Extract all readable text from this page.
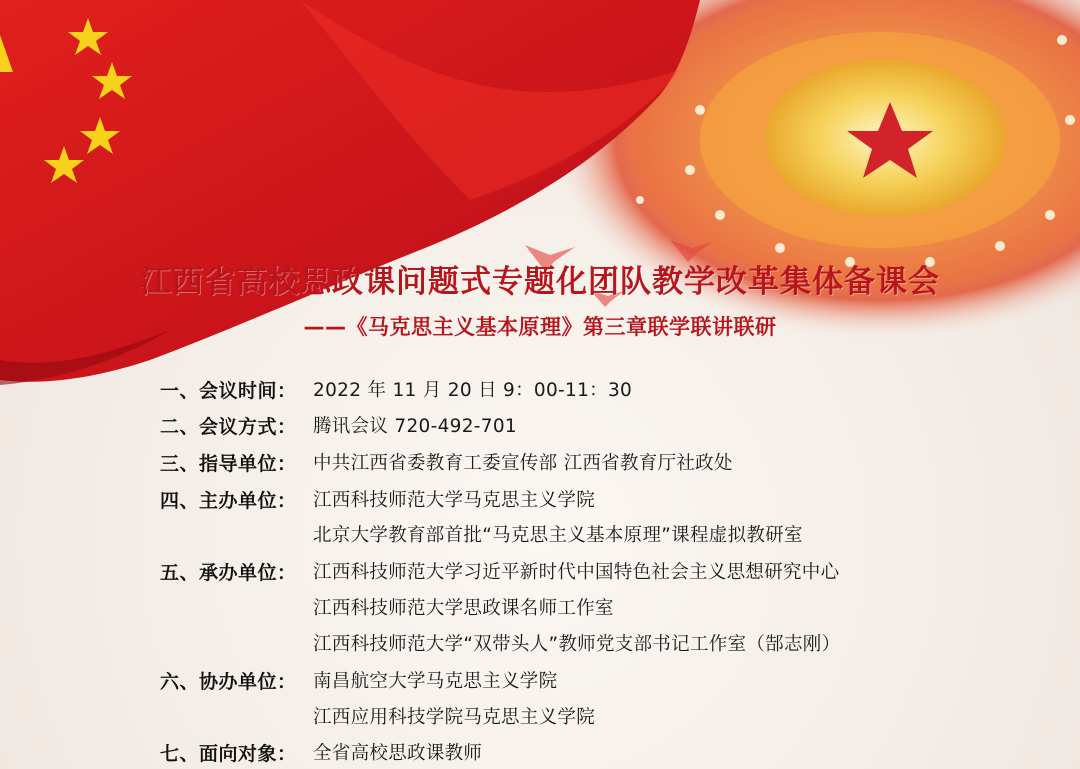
江西省高校思政课问题式专题化团队教学改革集体备课会
——《马克思主义基本原理》第三章联学联讲联研
一、会议时间： 2022 年 11 月 20 日 9：00-11：30
二、会议方式： 腾讯会议 720-492-701
三、指导单位： 中共江西省委教育工委宣传部 江西省教育厅社政处
四、主办单位： 江西科技师范大学马克思主义学院
北京大学教育部首批“马克思主义基本原理”课程虚拟教研室
五、承办单位： 江西科技师范大学习近平新时代中国特色社会主义思想研究中心
江西科技师范大学思政课名师工作室
江西科技师范大学“双带头人”教师党支部书记工作室（郜志刚）
六、协办单位： 南昌航空大学马克思主义学院
江西应用科技学院马克思主义学院
七、面向对象： 全省高校思政课教师
